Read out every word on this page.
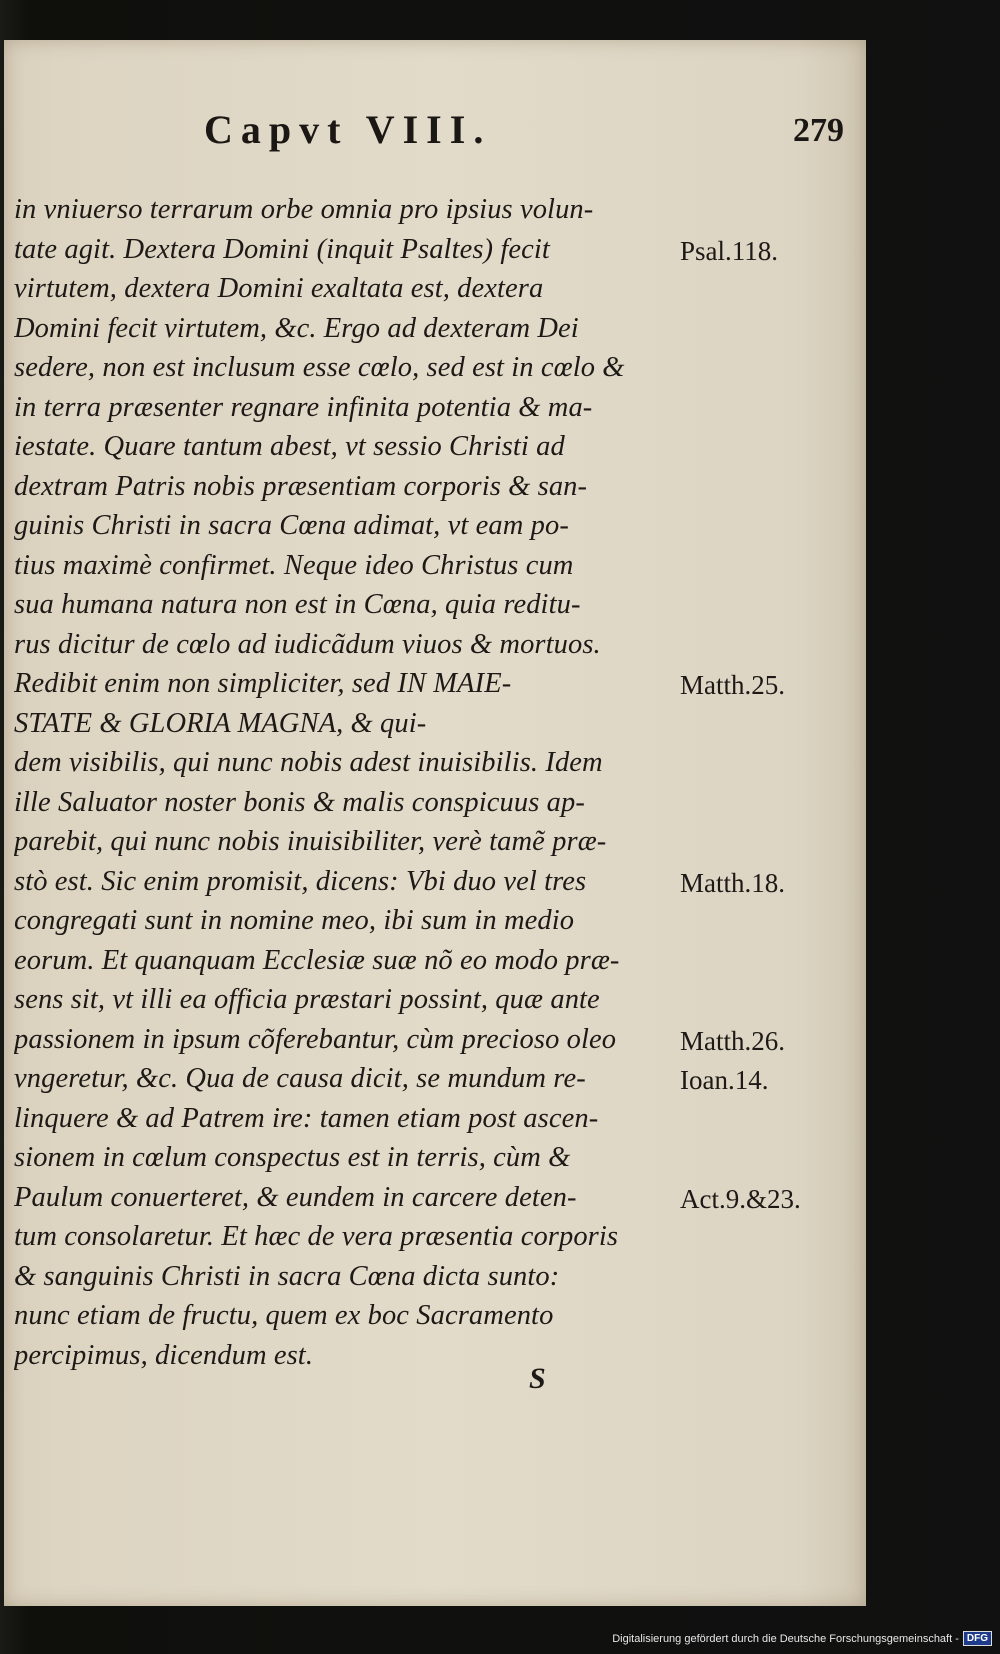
Capvt VIII.	279
in vniuerso terrarum orbe omnia pro ipsius volun-
tate agit. Dextera Domini (inquit Psaltes) fecit
virtutem, dextera Domini exaltata est, dextera
Domini fecit virtutem, &c. Ergo ad dexteram Dei
sedere, non est inclusum esse cœlo, sed est in cœlo &
in terra præsenter regnare infinita potentia & ma-
iestate. Quare tantum abest, vt sessio Christi ad
dextram Patris nobis præsentiam corporis & san-
guinis Christi in sacra Cœna adimat, vt eam po-
tius maximè confirmet. Neque ideo Christus cum
sua humana natura non est in Cœna, quia reditu-
rus dicitur de cœlo ad iudicãdum viuos & mortuos.
Redibit enim non simpliciter, sed IN MAIE-
STATE & GLORIA MAGNA, & qui-
dem visibilis, qui nunc nobis adest inuisibilis. Idem
ille Saluator noster bonis & malis conspicuus ap-
parebit, qui nunc nobis inuisibiliter, verè tamẽ præ-
stò est. Sic enim promisit, dicens: Vbi duo vel tres
congregati sunt in nomine meo, ibi sum in medio
eorum. Et quanquam Ecclesiæ suæ nõ eo modo præ-
sens sit, vt illi ea officia præstari possint, quæ ante
passionem in ipsum cõferebantur, cùm precioso oleo
vngeretur, &c. Qua de causa dicit, se mundum re-
linquere & ad Patrem ire: tamen etiam post ascen-
sionem in cœlum conspectus est in terris, cùm &
Paulum conuerteret, & eundem in carcere deten-
tum consolaretur. Et hæc de vera præsentia corporis
& sanguinis Christi in sacra Cœna dicta sunto:
nunc etiam de fructu, quem ex boc Sacramento
percipimus, dicendum est.
Psal.118.
Matth.25.
Matth.18.
Matth.26.
Ioan.14.
Act.9.&23.
S
Digitalisierung gefördert durch die Deutsche Forschungsgemeinschaft - DFG
